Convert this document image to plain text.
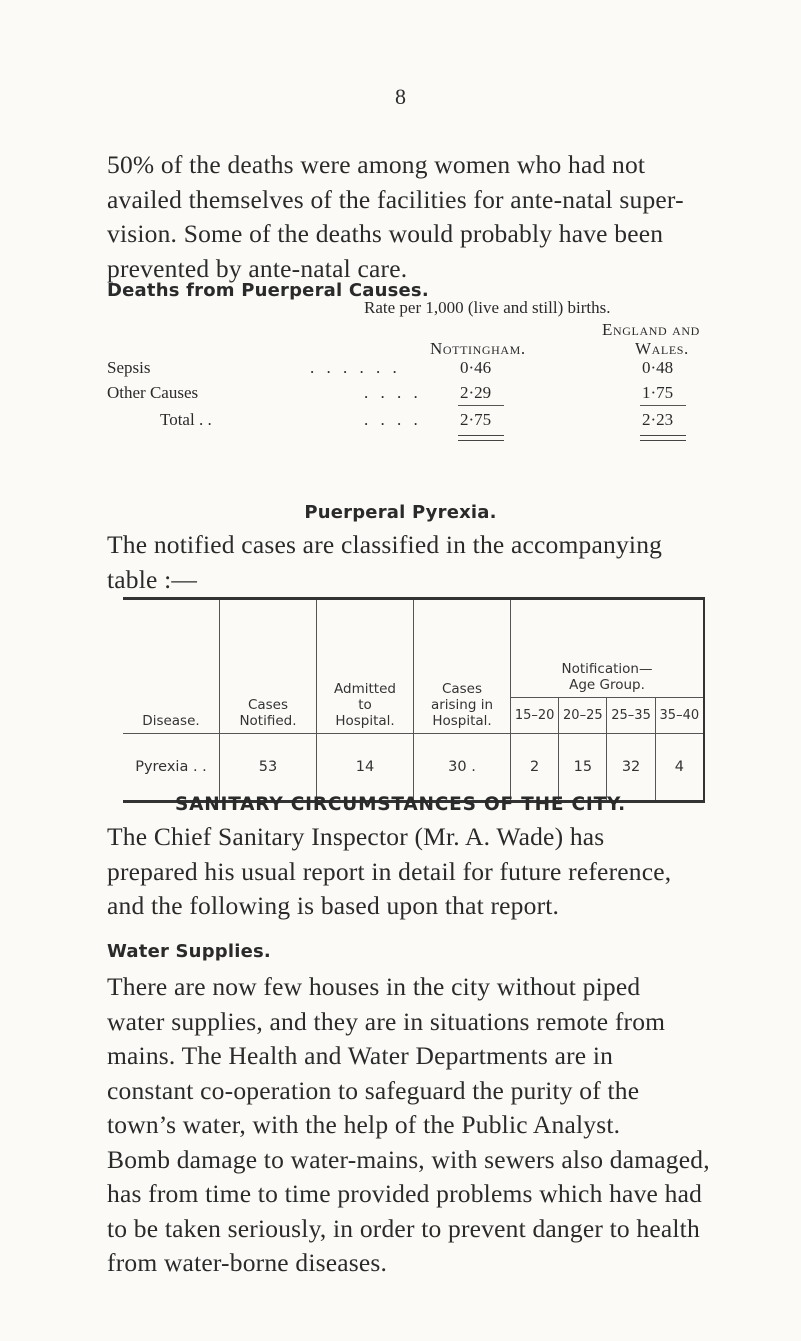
8

50% of the deaths were among women who had not

availed themselves of the facilities for ante-natal super-

vision. Some of the deaths would probably have been

prevented by ante-natal care.

Deaths from Puerperal Causes.
Rate per 1,000 (live and still) births.
England and
Nottingham.	Wales.
Sepsis	. . . . . .	0·46	0·48
Other Causes	. . . . 2·29	1·75
Total . .	. . . . 2·75	2·23
Puerperal Pyrexia.

The notified cases are classified in the accompanying

table :—

Disease.	Cases
Notified.	Admitted
to
Hospital.	Cases
arising in
Hospital.	Notification—
Age Group.			
				15–20	20–25	25–35	35–40
Pyrexia . .	53	14	30 .	2	15	32	4
SANITARY CIRCUMSTANCES OF THE CITY.

The Chief Sanitary Inspector (Mr. A. Wade) has

prepared his usual report in detail for future reference,

and the following is based upon that report.

Water Supplies.

There are now few houses in the city without piped

water supplies, and they are in situations remote from

mains. The Health and Water Departments are in

constant co-operation to safeguard the purity of the

town’s water, with the help of the Public Analyst.

Bomb damage to water-mains, with sewers also damaged,

has from time to time provided problems which have had

to be taken seriously, in order to prevent danger to health

from water-borne diseases.
